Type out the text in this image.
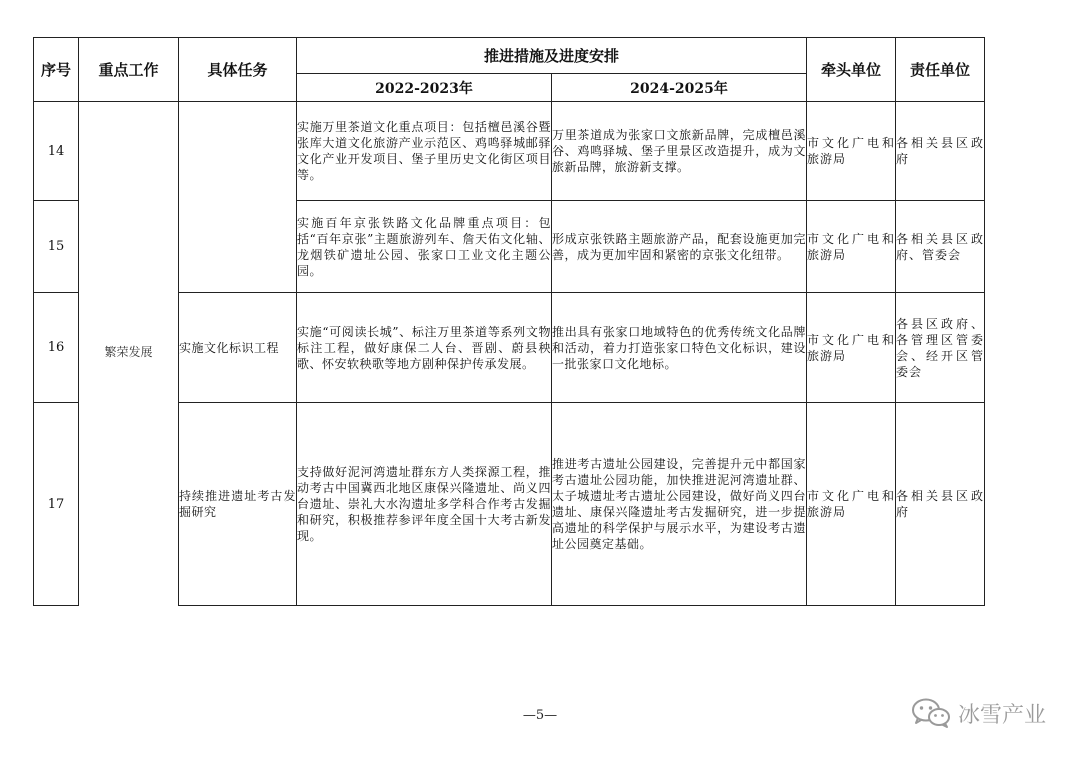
序号	重点工作	具体任务	推进措施及进度安排		牵头单位	责任单位
			2022-2023年	2024-2025年		
14	繁荣发展		实施万里茶道文化重点项目：包括檀邑溪谷暨张库大道文化旅游产业示范区、鸡鸣驿城邮驿文化产业开发项目、堡子里历史文化街区项目等。	万里茶道成为张家口文旅新品牌，完成檀邑溪谷、鸡鸣驿城、堡子里景区改造提升，成为文旅新品牌，旅游新支撑。	市文化广电和旅游局	各相关县区政府
15			实施百年京张铁路文化品牌重点项目：包括“百年京张”主题旅游列车、詹天佑文化轴、龙烟铁矿遗址公园、张家口工业文化主题公园。	形成京张铁路主题旅游产品，配套设施更加完善，成为更加牢固和紧密的京张文化纽带。	市文化广电和旅游局	各相关县区政府、管委会
16		实施文化标识工程	实施“可阅读长城”、标注万里茶道等系列文物标注工程，做好康保二人台、晋剧、蔚县秧歌、怀安软秧歌等地方剧种保护传承发展。	推出具有张家口地域特色的优秀传统文化品牌和活动，着力打造张家口特色文化标识，建设一批张家口文化地标。	市文化广电和旅游局	各县区政府、各管理区管委会、经开区管委会
17		持续推进遗址考古发掘研究	支持做好泥河湾遗址群东方人类探源工程，推动考古中国冀西北地区康保兴隆遗址、尚义四台遗址、崇礼大水沟遗址多学科合作考古发掘和研究，积极推荐参评年度全国十大考古新发现。	推进考古遗址公园建设，完善提升元中都国家考古遗址公园功能，加快推进泥河湾遗址群、太子城遗址考古遗址公园建设，做好尚义四台遗址、康保兴隆遗址考古发掘研究，进一步提高遗址的科学保护与展示水平，为建设考古遗址公园奠定基础。	市文化广电和旅游局	各相关县区政府
—5—	冰雪产业
